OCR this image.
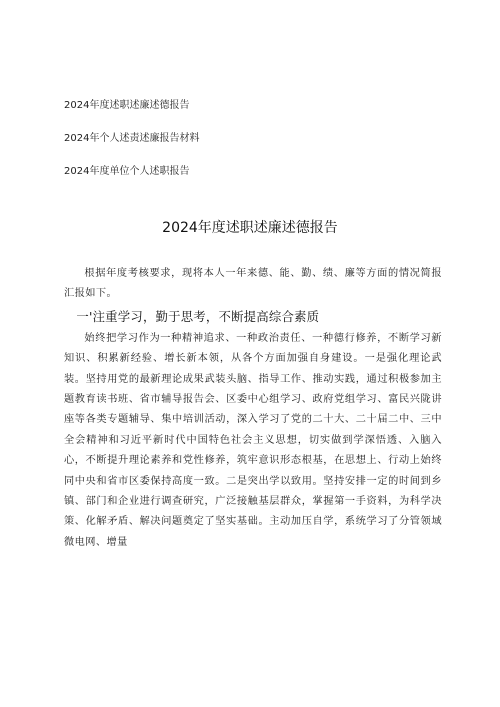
2024年度述职述廉述德报告
2024年个人述责述廉报告材料
2024年度单位个人述职报告
2024年度述职述廉述德报告

根据年度考核要求，现将本人一年来德、能、勤、绩、廉等方面的情况简报汇报如下。

一'注重学习，勤于思考，不断提高综合素质

始终把学习作为一种精神追求、一种政治责任、一种德行修养，不断学习新知识、积累新经验、增长新本领，从各个方面加强自身建设。一是强化理论武装。坚持用党的最新理论成果武装头脑、指导工作、推动实践，通过积极参加主题教育读书班、省市辅导报告会、区委中心组学习、政府党组学习、富民兴陇讲座等各类专题辅导、集中培训活动，深入学习了党的二十大、二十届二中、三中全会精神和习近平新时代中国特色社会主义思想，切实做到学深悟透、入脑入心，不断提升理论素养和党性修养，筑牢意识形态根基，在思想上、行动上始终同中央和省市区委保持高度一致。二是突出学以致用。坚持安排一定的时间到乡镇、部门和企业进行调查研究，广泛接触基层群众，掌握第一手资料，为科学决策、化解矛盾、解决问题奠定了坚实基础。主动加压自学，系统学习了分管领域微电网、增量
